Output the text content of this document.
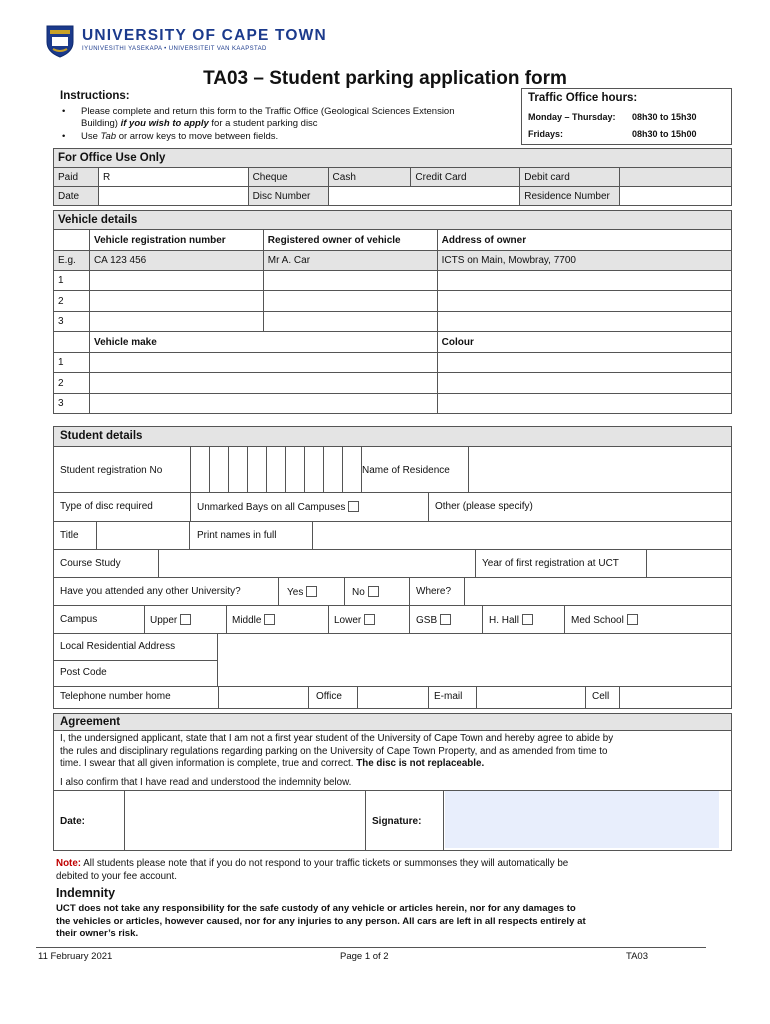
UNIVERSITY OF CAPE TOWN
IYUNIVESITHI YASEKAPA • UNIVERSITEIT VAN KAAPSTAD
TA03 – Student parking application form
Instructions:
• Please complete and return this form to the Traffic Office (Geological Sciences Extension
Building) if you wish to apply for a student parking disc
• Use Tab or arrow keys to move between fields.
Traffic Office hours:
Monday – Thursday: 08h30 to 15h30
Fridays:	08h30 to 15h00
For Office Use Only						
Paid	R	Cheque	Cash	Credit Card	Debit card	
Date		Disc Number			Residence Number	
Vehicle details			
	Vehicle registration number	Registered owner of vehicle	Address of owner
E.g.	CA 123 456	Mr A. Car	ICTS on Main, Mowbray, 7700
1			
2			
3			
	Vehicle make		Colour
1			
2			
3			
Student details
Student registration No	Name of Residence
Type of disc required	Unmarked Bays on all Campuses	Other (please specify)
Title	Print names in full
Course Study	Year of first registration at UCT
Have you attended any other University?	Yes	No	Where?
Campus	Upper	Middle	Lower	GSB	H. Hall	Med School
Local Residential Address
Post Code
Telephone number home	Office	E-mail	Cell
Agreement
I, the undersigned applicant, state that I am not a first year student of the University of Cape Town and hereby agree to abide by
the rules and disciplinary regulations regarding parking on the University of Cape Town Property, and as amended from time to
time. I swear that all given information is complete, true and correct. The disc is not replaceable.
I also confirm that I have read and understood the indemnity below.
Date:	Signature:
Note: All students please note that if you do not respond to your traffic tickets or summonses they will automatically be
debited to your fee account.
Indemnity
UCT does not take any responsibility for the safe custody of any vehicle or articles herein, nor for any damages to
the vehicles or articles, however caused, nor for any injuries to any person. All cars are left in all respects entirely at
their owner’s risk.
11 February 2021	Page 1 of 2	TA03
